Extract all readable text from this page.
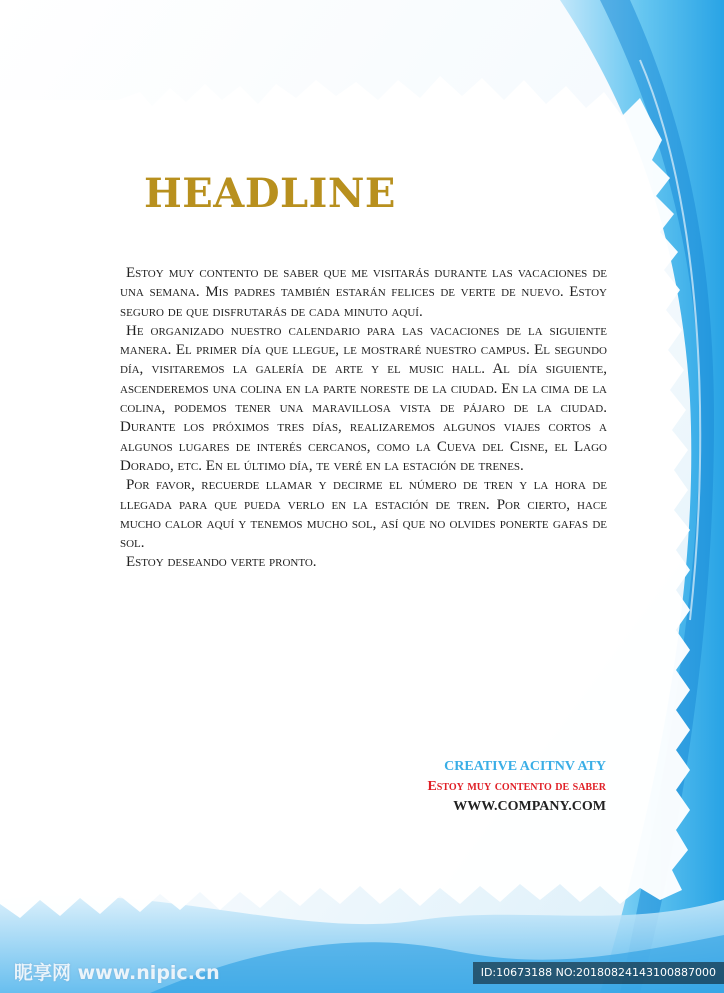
HEADLINE

Estoy muy contento de saber que me visitarás durante las vacaciones de una semana. Mis padres también estarán felices de verte de nuevo. Estoy seguro de que disfrutarás de cada minuto aquí.

He organizado nuestro calendario para las vacaciones de la siguiente manera. El primer día que llegue, le mostraré nuestro campus. El segundo día, visitaremos la galería de arte y el music hall. Al día siguiente, ascenderemos una colina en la parte noreste de la ciudad. En la cima de la colina, podemos tener una maravillosa vista de pájaro de la ciudad. Durante los próximos tres días, realizaremos algunos viajes cortos a algunos lugares de interés cercanos, como la Cueva del Cisne, el Lago Dorado, etc. En el último día, te veré en la estación de trenes.

Por favor, recuerde llamar y decirme el número de tren y la hora de llegada para que pueda verlo en la estación de tren. Por cierto, hace mucho calor aquí y tenemos mucho sol, así que no olvides ponerte gafas de sol.

Estoy deseando verte pronto.

CREATIVE ACITNV ATY
Estoy muy contento de saber
WWW.COMPANY.COM
昵享网 www.nipic.cn	ID:10673188 NO:20180824143100887000
